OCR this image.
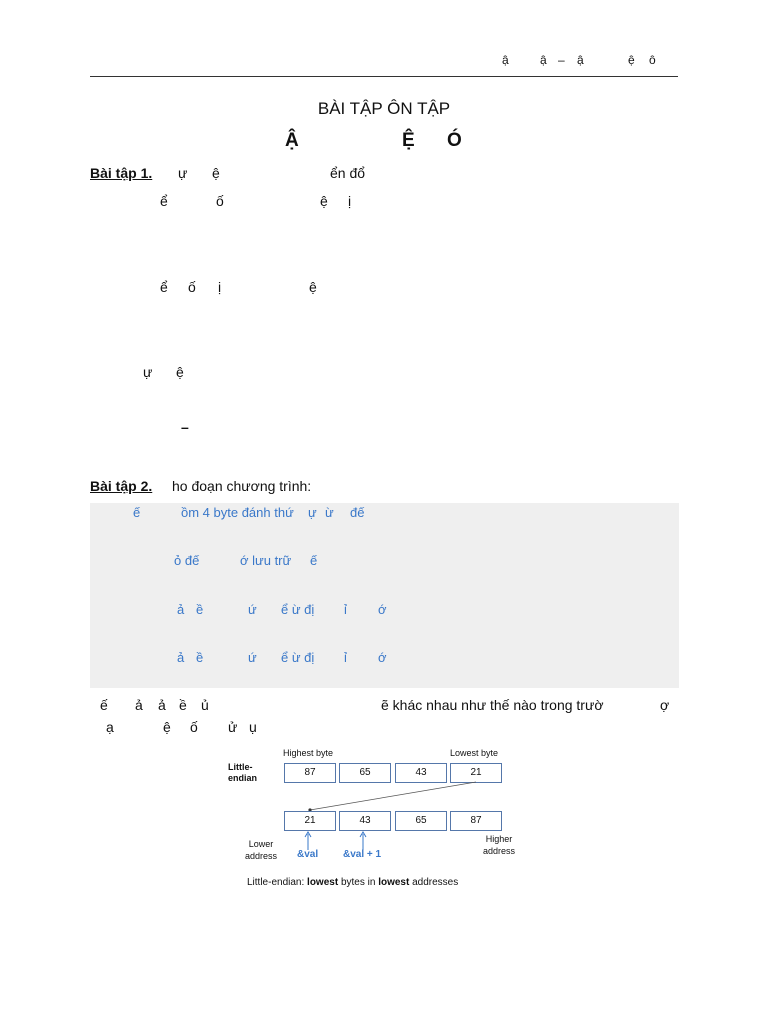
ậ	ậ – ậ	ệ ô
BÀI TẬP ÔN TẬP
Ậ	Ệ Ó
Bài tập 1. ự ệ	ển đổ
ể	ố	ệ ị
ể ố ị	ệ
ự ệ
–
Bài tập 2. ho đoạn chương trình:
ế	ồm 4 byte đánh thứ ự ừ đế
ỏ đế	ớ lưu trữ ế
ả ề	ứ ể ừ đị ỉ ớ
ả ề	ứ ể ừ đị ỉ ớ
ế ả ả ề ủ	ẽ khác nhau như thế nào trong trườ	ợ
ạ	ệ ố ử ụ
Highest byte	Lowest byte
Little-
endian	87	65	43	21
21	43	65	87
Lower
address
Higher
address
&val &val + 1
Little-endian: lowest bytes in lowest addresses
